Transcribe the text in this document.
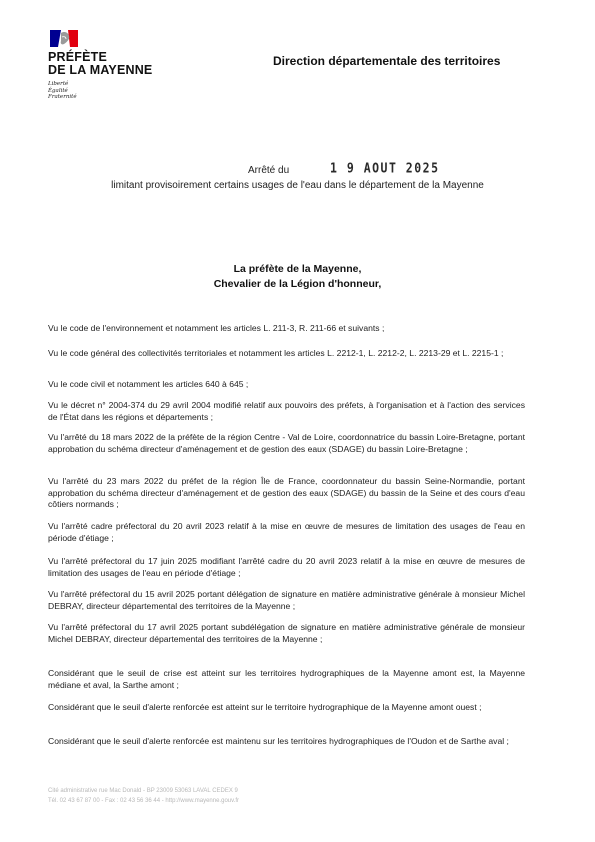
PRÉFÈTE
DE LA MAYENNE
Liberté
Égalité
Fraternité
Direction départementale des territoires
Arrêté du	1 9 AOUT 2025
limitant provisoirement certains usages de l'eau dans le département de la Mayenne
La préfète de la Mayenne,
Chevalier de la Légion d'honneur,

Vu le code de l'environnement et notamment les articles L. 211-3, R. 211-66 et suivants ;

Vu le code général des collectivités territoriales et notamment les articles L. 2212-1, L. 2212-2, L. 2213-29 et L. 2215-1 ;

Vu le code civil et notamment les articles 640 à 645 ;

Vu le décret n° 2004-374 du 29 avril 2004 modifié relatif aux pouvoirs des préfets, à l'organisation et à l'action des services de l'État dans les régions et départements ;

Vu l'arrêté du 18 mars 2022 de la préfète de la région Centre - Val de Loire, coordonnatrice du bassin Loire-Bretagne, portant approbation du schéma directeur d'aménagement et de gestion des eaux (SDAGE) du bassin Loire-Bretagne ;

Vu l'arrêté du 23 mars 2022 du préfet de la région Île de France, coordonnateur du bassin Seine-Normandie, portant approbation du schéma directeur d'aménagement et de gestion des eaux (SDAGE) du bassin de la Seine et des cours d'eau côtiers normands ;

Vu l'arrêté cadre préfectoral du 20 avril 2023 relatif à la mise en œuvre de mesures de limitation des usages de l'eau en période d'étiage ;

Vu l'arrêté préfectoral du 17 juin 2025 modifiant l'arrêté cadre du 20 avril 2023 relatif à la mise en œuvre de mesures de limitation des usages de l'eau en période d'étiage ;

Vu l'arrêté préfectoral du 15 avril 2025 portant délégation de signature en matière administrative générale à monsieur Michel DEBRAY, directeur départemental des territoires de la Mayenne ;

Vu l'arrêté préfectoral du 17 avril 2025 portant subdélégation de signature en matière administrative générale de monsieur Michel DEBRAY, directeur départemental des territoires de la Mayenne ;

Considérant que le seuil de crise est atteint sur les territoires hydrographiques de la Mayenne amont est, la Mayenne médiane et aval, la Sarthe amont ;

Considérant que le seuil d'alerte renforcée est atteint sur le territoire hydrographique de la Mayenne amont ouest ;

Considérant que le seuil d'alerte renforcée est maintenu sur les territoires hydrographiques de l'Oudon et de Sarthe aval ;

Cité administrative rue Mac Donald - BP 23009 53063 LAVAL CEDEX 9
Tél. 02 43 67 87 00 - Fax : 02 43 56 36 44 - http://www.mayenne.gouv.fr
